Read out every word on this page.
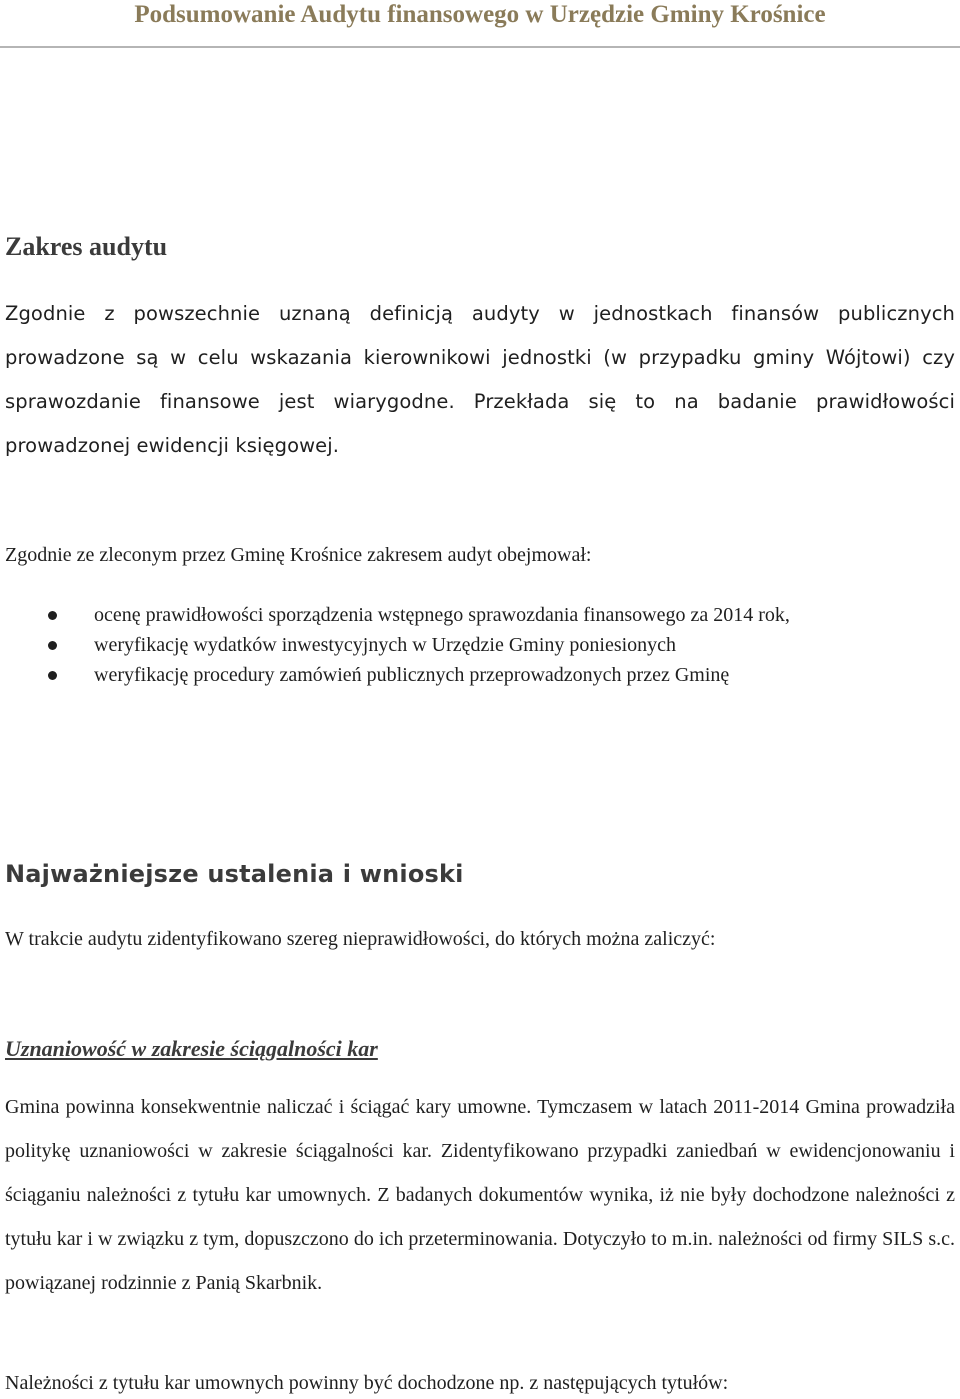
Podsumowanie Audytu finansowego w Urzędzie Gminy Krośnice
Zakres audytu

Zgodnie z powszechnie uznaną definicją audyty w jednostkach finansów publicznych prowadzone są w celu wskazania kierownikowi jednostki (w przypadku gminy Wójtowi) czy sprawozdanie finansowe jest wiarygodne. Przekłada się to na badanie prawidłowości prowadzonej ewidencji księgowej.

Zgodnie ze zleconym przez Gminę Krośnice zakresem audyt obejmował:

ocenę prawidłowości sporządzenia wstępnego sprawozdania finansowego za 2014 rok,
weryfikację wydatków inwestycyjnych w Urzędzie Gminy poniesionych
weryfikację procedury zamówień publicznych przeprowadzonych przez Gminę
Najważniejsze ustalenia i wnioski

W trakcie audytu zidentyfikowano szereg nieprawidłowości, do których można zaliczyć:

Uznaniowość w zakresie ściągalności kar

Gmina powinna konsekwentnie naliczać i ściągać kary umowne. Tymczasem w latach 2011-2014 Gmina prowadziła politykę uznaniowości w zakresie ściągalności kar. Zidentyfikowano przypadki zaniedbań w ewidencjonowaniu i ściąganiu należności z tytułu kar umownych. Z badanych dokumentów wynika, iż nie były dochodzone należności z tytułu kar i w związku z tym, dopuszczono do ich przeterminowania. Dotyczyło to m.in. należności od firmy SILS s.c. powiązanej rodzinnie z Panią Skarbnik.

Należności z tytułu kar umownych powinny być dochodzone np. z następujących tytułów:
